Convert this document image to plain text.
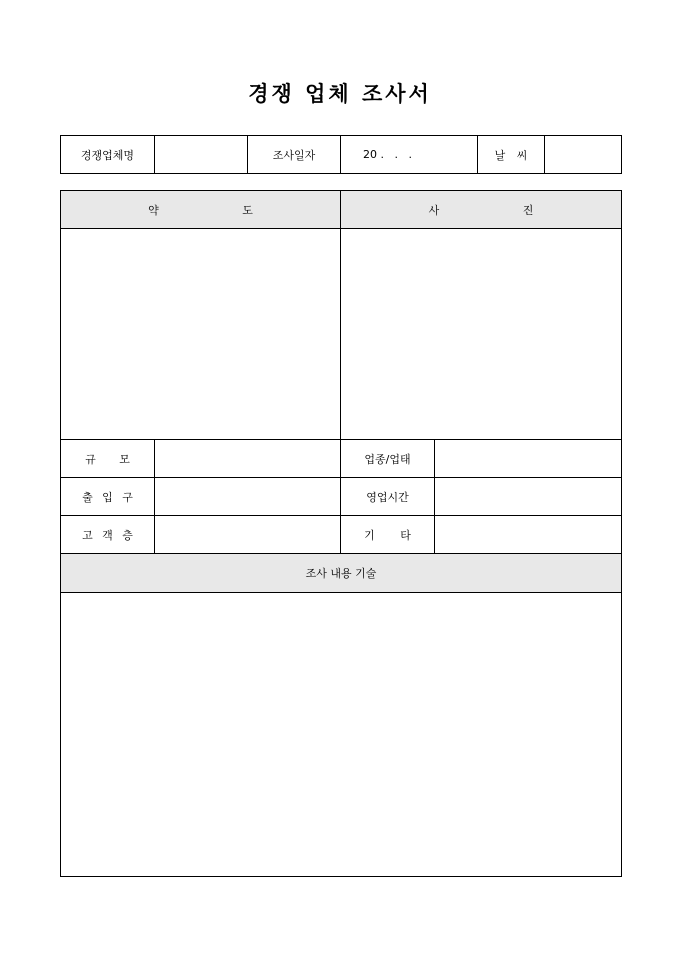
경쟁 업체 조사서
경쟁업체명		조사일자	20 .   .   .	날 씨	
약 도		사 진	

규 모		업종/업태	
출 입 구		영업시간	
고 객 층		기 타	
조사 내용 기술			
